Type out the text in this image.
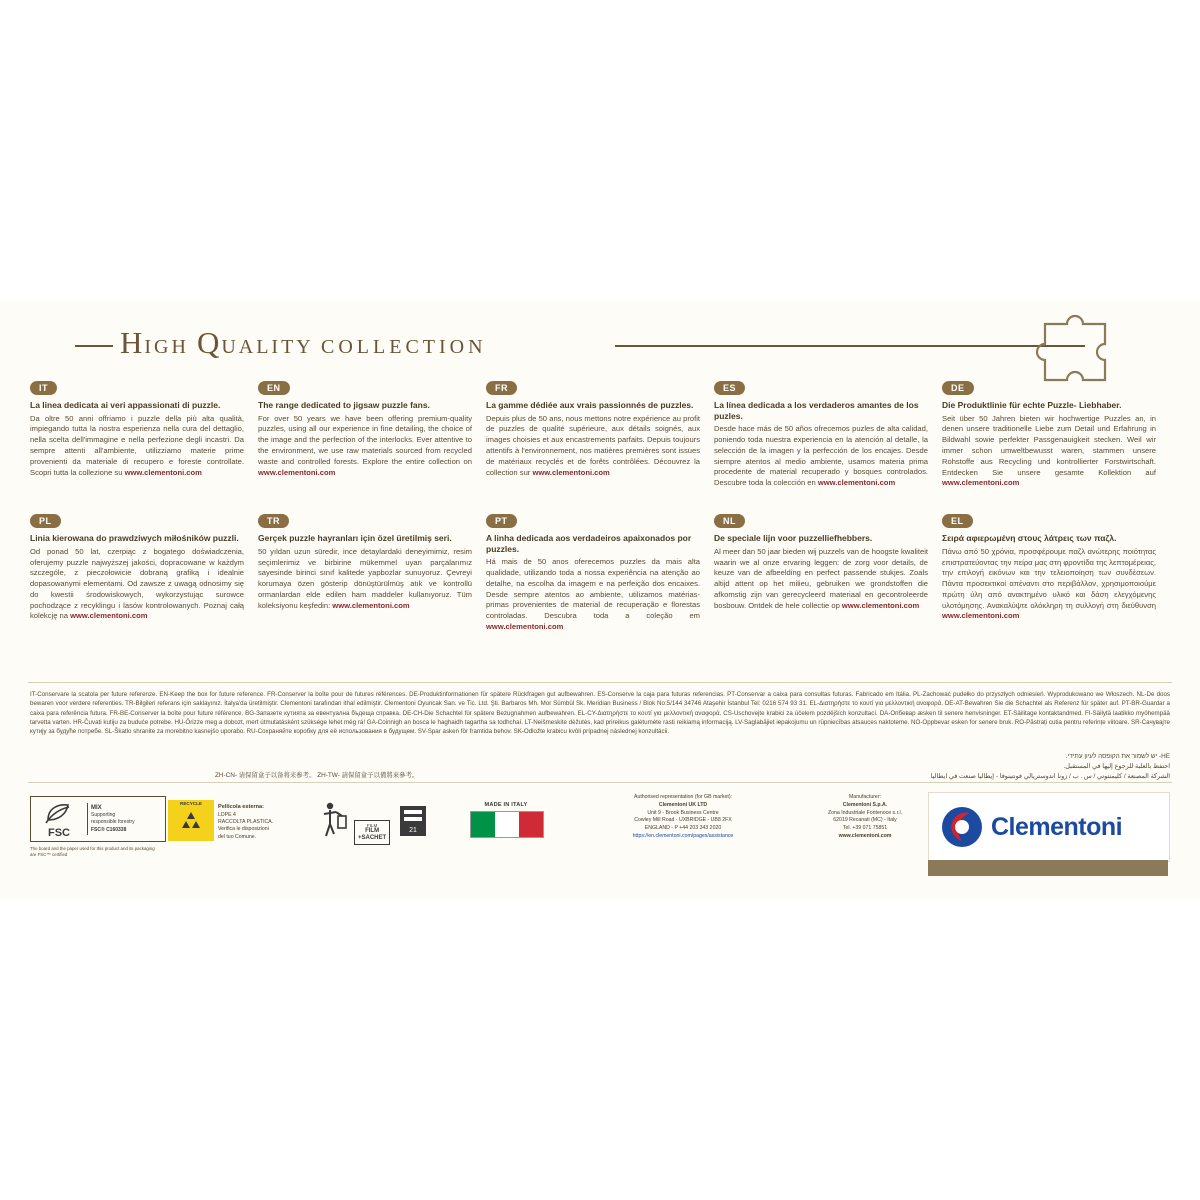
HIGH QUALITY COLLECTION
IT

La linea dedicata ai veri appassionati di puzzle.

Da oltre 50 anni offriamo i puzzle della più alta qualità, impiegando tutta la nostra esperienza nella cura del dettaglio, nella scelta dell'immagine e nella perfezione degli incastri. Da sempre attenti all'ambiente, utilizziamo materie prime provenienti da materiale di recupero e foreste controllate. Scopri tutta la collezione su www.clementoni.com

EN

The range dedicated to jigsaw puzzle fans.

For over 50 years we have been offering premium-quality puzzles, using all our experience in fine detailing, the choice of the image and the perfection of the interlocks. Ever attentive to the environment, we use raw materials sourced from recycled waste and controlled forests. Explore the entire collection on www.clementoni.com

FR

La gamme dédiée aux vrais passionnés de puzzles.

Depuis plus de 50 ans, nous mettons notre expérience au profit de puzzles de qualité supérieure, aux détails soignés, aux images choisies et aux encastrements parfaits. Depuis toujours attentifs à l'environnement, nos matières premières sont issues de matériaux recyclés et de forêts contrôlées. Découvrez la collection sur www.clementoni.com

ES

La línea dedicada a los verdaderos amantes de los puzles.

Desde hace más de 50 años ofrecemos puzles de alta calidad, poniendo toda nuestra experiencia en la atención al detalle, la selección de la imagen y la perfección de los encajes. Desde siempre atentos al medio ambiente, usamos materia prima procedente de material recuperado y bosques controlados. Descubre toda la colección en www.clementoni.com

DE

Die Produktlinie für echte Puzzle- Liebhaber.

Seit über 50 Jahren bieten wir hochwertige Puzzles an, in denen unsere traditionelle Liebe zum Detail und Erfahrung in Bildwahl sowie perfekter Passgenauigkeit stecken. Weil wir immer schon umweltbewusst waren, stammen unsere Rohstoffe aus Recycling und kontrollierter Forstwirtschaft. Entdecken Sie unsere gesamte Kollektion auf www.clementoni.com

PL

Linia kierowana do prawdziwych miłośników puzzli.

Od ponad 50 lat, czerpiąc z bogatego doświadczenia, oferujemy puzzle najwyższej jakości, dopracowane w każdym szczególe, z pieczołowicie dobraną grafiką i idealnie dopasowanymi elementami. Od zawsze z uwagą odnosimy się do kwestii środowiskowych, wykorzystując surowce pochodzące z recyklingu i lasów kontrolowanych. Poznaj całą kolekcję na www.clementoni.com

TR

Gerçek puzzle hayranları için özel üretilmiş seri.

50 yıldan uzun süredir, ince detaylardaki deneyimimiz, resim seçimlerimiz ve birbirine mükemmel uyan parçalarımız sayesinde birinci sınıf kalitede yapbozlar sunuyoruz. Çevreyi korumaya özen gösterip dönüştürülmüş atık ve kontrollü ormanlardan elde edilen ham maddeler kullanıyoruz. Tüm koleksiyonu keşfedin: www.clementoni.com

PT

A linha dedicada aos verdadeiros apaixonados por puzzles.

Há mais de 50 anos oferecemos puzzles da mais alta qualidade, utilizando toda a nossa experiência na atenção ao detalhe, na escolha da imagem e na perfeição dos encaixes. Desde sempre atentos ao ambiente, utilizamos matérias-primas provenientes de material de recuperação e florestas controladas. Descubra toda a coleção em www.clementoni.com

NL

De speciale lijn voor puzzelliefhebbers.

Al meer dan 50 jaar bieden wij puzzels van de hoogste kwaliteit waarin we al onze ervaring leggen: de zorg voor details, de keuze van de afbeelding en perfect passende stukjes. Zoals altijd attent op het milieu, gebruiken we grondstoffen die afkomstig zijn van gerecycleerd materiaal en gecontroleerde bosbouw. Ontdek de hele collectie op www.clementoni.com

EL

Σειρά αφιερωμένη στους λάτρεις των παζλ.

Πάνω από 50 χρόνια, προσφέρουμε παζλ ανώτερης ποιότητας επιστρατεύοντας την πείρα μας στη φροντίδα της λεπτομέρειας, την επιλογή εικόνων και την τελειοποίηση των συνδέσεων. Πάντα προσεκτικοί απέναντι στο περιβάλλον, χρησιμοποιούμε πρώτη ύλη από ανακτημένο υλικό και δάση ελεγχόμενης υλοτόμησης. Ανακαλύψτε ολόκληρη τη συλλογή στη διεύθυνση www.clementoni.com

IT-Conservare la scatola per future referenze. EN-Keep the box for future reference. FR-Conserver la boîte pour de futures références. DE-Produktinformationen für spätere Rückfragen gut aufbewahren. ES-Conserve la caja para futuras referencias. PT-Conservar a caixa para consultas futuras. Fabricado em Itália. PL-Zachować pudełko do przyszłych odniesień. Wyprodukowano we Włoszech. NL-De doos bewaren voor verdere referenties. TR-Bilgileri referans için saklayınız. İtalya'da üretilmiştir. Clementoni tarafından ithal edilmiştir. Clementoni Oyuncak San. ve Tic. Ltd. Şti. Barbaros Mh. Mor Sümbül Sk. Meridian Business / Blok No:5/144 34746 Ataşehir İstanbul Tel: 0216 574 93 31. EL-Διατηρήστε το κουτί για μελλοντική αναφορά. DE-AT-Bewahren Sie die Schachtel als Referenz für später auf. PT-BR-Guardar a caixa para referência futura. FR-BE-Conserver la boîte pour future référence. BG-Запазете кутията за евентуална бъдеща справка. DE-CH-Die Schachtel für spätere Bezugnahmen aufbewahren. EL-CY-Διατηρήστε το κουτί για μελλοντική αναφορά. CS-Uschovejte krabici za účelem pozdějších konzultací. DA-Опбевар æsken til senere henvisninger. ET-Säilitage kontaktandmed. FI-Säilytä laatikko myöhempää tarvetta varten. HR-Čuvati kutiju za buduće potrebe. HU-Őrizze meg a dobozt, mert útmutatásként szüksége lehet még rá! GA-Coinnigh an bosca le haghaidh tagartha sa todhchaí. LT-Neišmeskite dėžutės, kad prireikus galėtumėte rasti reikiamą informaciją. LV-Saglabājiet iepakojumu un rūpniecības atsauces naktoteme. NO-Oppbevar esken for senere bruk. RO-Păstrați cutia pentru referințe viitoare. SR-Сачувајте кутију за будуће потребе. SL-Škatlo shranite za morebitno kasnejšo uporabo. RU-Сохраняйте коробку для её использования в будущем. SV-Spar asken för framtida behov. SK-Odložte krabicu kvôli prípadnej následnej konzultácii.
HE- יש לשמור את הקופסה לעיון עתידי.
احتفظ بالعلبة للرجوع إليها في المستقبل.
الشركة المصنعة / كليمنتوني / س . ب / زونا اندوستريالي فونتينوفا - إيطاليا صنعت في ايطاليا
ZH-CN- 请保留盒子以备将来参考。 ZH-TW- 請保留盒子以備將來參考。
FSC
MIX
Supporting
responsible forestry
FSC® C160338
The board and the paper used for this product and its packaging are FSC™ certified
RECYCLE
Pellicola esterna:
LDPE 4
RACCOLTA PLASTICA.
Verifica le disposizioni
del tuo Comune.
FILM
FILM
+SACHET
21
MADE IN ITALY
Authorised representation (for GB market):
Clementoni UK LTD
Unit 9 - Brook Business Centre
Cowley Mill Road - UXBRIDGE - UB8 2FX
ENGLAND - P +44 203 343 2020
https://en.clementoni.com/pages/assistance
Manufacturer:
Clementoni S.p.A.
Zona Industriale Fontenoce s.r.l.
62019 Recanati (MC) - Italy
Tel. +39 071 75851
www.clementoni.com	Clementoni
